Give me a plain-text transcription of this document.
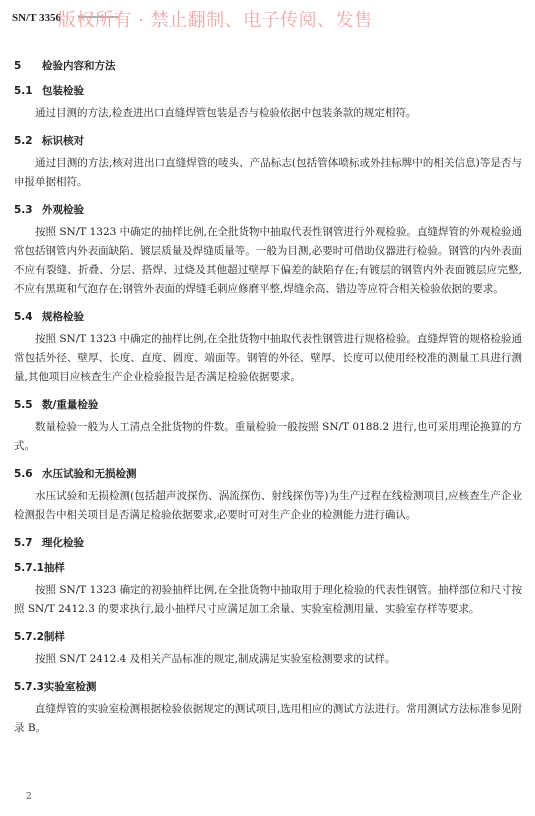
SN/T 3356
版权所有 · 禁止翻制、电子传阅、发售
5 检验内容和方法
5.1 包装检验

通过目测的方法,检查进出口直缝焊管包装是否与检验依据中包装条款的规定相符。

5.2 标识核对

通过目测的方法,核对进出口直缝焊管的唛头、产品标志(包括管体喷标或外挂标牌中的相关信息)等是否与申报单据相符。

5.3 外观检验

按照 SN/T 1323 中确定的抽样比例,在全批货物中抽取代表性钢管进行外观检验。直缝焊管的外观检验通常包括钢管内外表面缺陷、镀层质量及焊缝质量等。一般为目测,必要时可借助仪器进行检验。钢管的内外表面不应有裂缝、折叠、分层、搭焊、过烧及其他超过壁厚下偏差的缺陷存在;有镀层的钢管内外表面镀层应完整,不应有黑斑和气泡存在;钢管外表面的焊缝毛刺应修磨平整,焊缝余高、错边等应符合相关检验依据的要求。

5.4 规格检验

按照 SN/T 1323 中确定的抽样比例,在全批货物中抽取代表性钢管进行规格检验。直缝焊管的规格检验通常包括外径、壁厚、长度、直度、圆度、端面等。钢管的外径、壁厚、长度可以使用经校准的测量工具进行测量,其他项目应核查生产企业检验报告是否满足检验依据要求。

5.5 数/重量检验

数量检验一般为人工清点全批货物的件数。重量检验一般按照 SN/T 0188.2 进行,也可采用理论换算的方式。

5.6 水压试验和无损检测

水压试验和无损检测(包括超声波探伤、涡流探伤、射线探伤等)为生产过程在线检测项目,应核查生产企业检测报告中相关项目是否满足检验依据要求,必要时可对生产企业的检测能力进行确认。

5.7 理化检验
5.7.1抽样

按照 SN/T 1323 确定的初验抽样比例,在全批货物中抽取用于理化检验的代表性钢管。抽样部位和尺寸按照 SN/T 2412.3 的要求执行,最小抽样尺寸应满足加工余量、实验室检测用量、实验室存样等要求。

5.7.2制样

按照 SN/T 2412.4 及相关产品标准的规定,制成满足实验室检测要求的试样。

5.7.3实验室检测

直缝焊管的实验室检测根据检验依据规定的测试项目,选用相应的测试方法进行。常用测试方法标准参见附录 B。

2
